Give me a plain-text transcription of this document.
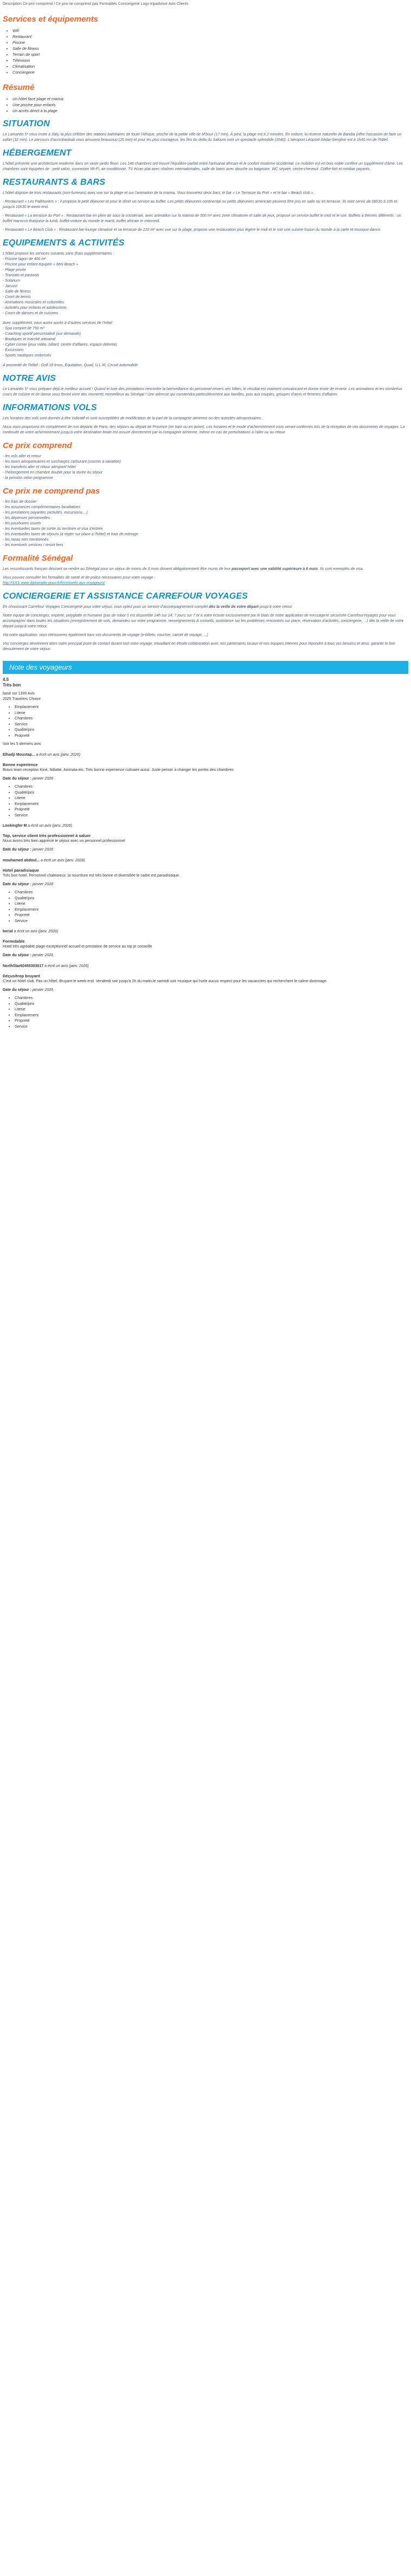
Description Ce prix comprend / Ce prix ne comprend pas Formalités Conciergerie Logo tripadvisor Avis Clients
Services et équipements
• Wifi
• Restaurant
• Piscine
• Salle de fitness
• Terrain de sport
• Télévision
• Climatisation
• Conciergerie
Résumé
• Un hôtel face plage et marina
• Une piscine pour enfants
• Un accès direct à la plage
SITUATION

Le Lamantin 5* vous invite à Saly, la plus célèbre des stations balnéaires de toute l'Afrique, proche de la petite ville de M'bour (17 min). À pied, la plage est à 2 minutes. En voiture, la réserve naturelle de Bandia (offre l'occasion de faire un safari (32 min). Le parcours d'accrobaobab vous amusera beaucoup (26 min) et pour les plus courageux, les îles du delta du Saloum sont un spectacle splendide (1h40). L'aéroport Léopold-Sédar-Senghor est à 1h40 mn de l'hôtel.

HÉBERGEMENT

L'hôtel présente une architecture moderne dans un vaste jardin fleuri. Les 146 chambres ont trouvé l'équilibre parfait entre l'artisanat africain et le confort moderne occidental. Le mobilier est en bois noble confère un supplément d'âme. Les chambres sont équipées de : petit salon, connexion Wi-Fi, air conditionné, TV écran plat avec chaînes internationales, salle de bains avec douche ou baignoire, WC séparé, sèche-cheveux. Coffre-fort et minibar payants.

RESTAURANTS & BARS

L'hôtel dispose de trois restaurants (non-fumeurs) avec vue sur la plage et sur l'animation de la marina. Vous trouverez deux bars, le bar « Le Terrasse du Port » et le bar « Beach club ».

- Restaurant « Les Palétuviers » : il propose le petit déjeuner et pour le dîner un service au buffet. Les petits déjeuners continental ou petits déjeuners américain peuvent être pris en salle ou en terrasse. Ils sont servis de 06h30 à 10h et jusqu'à 10h30 le week-end.

- Restaurant « La terrasse du Port » : Restaurant-bar en plein air sous la cocoteraie, avec animation sur la marina de 300 m² avec zone climatisée et salle de jeux, propose un service buffet le midi et le soir. Buffets à thèmes différents : un buffet marocco-thaïquise la lundi, buffet-voiture du monde le mardi, buffet africain le mercredi.

- Restaurant « Le Beach Club » : Restaurant bar-lounge climatisé et sa terrasse de 220 m² avec vue sur la plage, propose une restauration plus légère le midi et le soir une cuisine fusion du monde à la carte et musique dance.

EQUIPEMENTS & ACTIVITÉS
L'hôtel propose les services suivants sans (frais supplémentaires :
- Piscine lagon de 400 m²
- Piscine pour enfant équipée « Mini Beach »
- Plage privée
- Transats et parasols
- Solarium
- Jacuzzi
- Salle de fitness
- Court de tennis
- Animations musicales et culturelles
- Activités pour enfants et adolescents
- Cours de danses et de cuisines
Avec supplément, vous aurez accès à d'autres services de l'hôtel :
- Spa complet de 750 m²
- Coaching sportif personnalisé (sur demande)
- Boutiques et marché artisanal
- Cyber corner (jeux vidéo, billard, centre d'affaires, espace détente)
- Excursions
- Sports nautiques motorisés

À proximité de l'hôtel : Golf 18 trous, Équitation, Quad, U.L.M, Circuit automobile

NOTRE AVIS

Le Lamantin 5* vous prépare déjà le meilleur accueil ! Quand le luxe des prestations rencontre la bienveillance du personnel envers ses hôtes, le résultat est vraiment convaincant et donne envie de revenir. Les animations et les nombreux cours de cuisine et de danse vous feront vivre des moments merveilleux au Sénégal ! Une adresse qui conviendra particulièrement aux familles, puis aux couples, groupes d'amis et femmes d'affaires.

INFORMATIONS VOLS

Les horaires des vols sont donnés à titre indicatif et sont susceptibles de modification de la part de la compagnie aérienne ou des autorités aéroportuaires.

Nous vous proposons en complément de nos départs de Paris, des séjours au départ de Province (en train ou en avion). Les horaires et le mode d'acheminement vous seront confirmés lors de la réception de vos documents de voyages. La continuité de votre acheminement jusqu'à votre destination finale est assuré directement par la compagnie aérienne, même en cas de perturbations à l'aller ou au retour.

Ce prix comprend
- les vols aller et retour
- les taxes aéroportuaires et surcharges carburant (soumis à variation)
- les transferts aller et retour aéroport/ hôtel
- l'hébergement en chambre double pour la durée du séjour
- la pension selon programme
Ce prix ne comprend pas
- les frais de dossier
- les assurances complémentaires facultatives
- les prestations payantes (activités, excursions,...)
- les dépenses personnelles
- les pourboires usuels
- les éventuelles taxes de sortie du territoire et visa d'entrée
- les éventuelles taxes de séjours (à régler sur place à l'hôtel) et frais de ménage
- les repas non mentionnés
- les éventuels services / resort fees
Formalité Sénégal

Les ressortissants français désirant se rendre au Sénégal pour un séjour de moins de 3 mois doivent obligatoirement être munis de leur passeport avec une validité supérieure à 6 mois. Ils sont exemptés de visa.

Vous pouvez consulter les formalités de santé et de police nécessaires pour votre voyage :
http://XXX.www.diplomatie.gouv.fr/fr/conseils-aux-voyageurs/

CONCIERGERIE ET ASSISTANCE CARREFOUR VOYAGES

En choisissant Carrefour Voyages Conciergerie pour votre séjour, vous optez pour un service d'accompagnement complet dès la veille de votre départ jusqu'à votre retour.

Notre équipe de concierges, experte, polyglotte et humaine (pas de robot !) est disponible 24h sur 24, 7 jours sur 7 et à votre écoute exclusivement par le biais de notre application de messagerie sécurisée CarrefourVoyages pour vous accompagner dans toutes les situations (enregistrement de vols, demandes sur votre programme, renseignements & conseils, assistance sur les problèmes rencontrés sur place, réservation d'activités, conciergerie, ...) dès la veille de votre départ jusqu'à votre retour.

Via notre application, vous retrouverez également tous vos documents de voyage (e-billets, voucher, carnet de voyage, ...)

Vos concierges deviennent alors votre principal point de contact durant tout votre voyage, travaillant en étroite collaboration avec nos partenaires locaux et nos équipes internes pour répondre à tous vos besoins et ainsi, garantir le bon déroulement de votre séjour.

Note des voyageurs
4.5
Très bon
basé sur 1300 Avis
2025 Travelers Choice
• Emplacement
• Literie
• Chambres
• Service
• Qualité/prix
• Propreté
Voir les 5 derniers avis
Elhadji Moustap... a écrit un avis (janv. 2026)
Bonne experience
Bravo team reception Kiné, Ndiatte, Aminata etc. Très bonne experience culinaire aussi. Juste penser à changer les portes des chambres.
Date du séjour : janvier 2026
• Chambres
• Qualité/prix
• Literie
• Emplacement
• Propreté
• Service
Lookingfor M a écrit un avis (janv. 2026)
Top, service client très professionnel à saluer
Nous avons très bien apprécié le séjour avec un personnel professionnel
Date du séjour : janvier 2026
mouhamed abdoul... a écrit un avis (janv. 2026)
Hotel paradisiaque
Très bon hotel. Personnel chaleureux ,la nourriture est très bonne et diversifiée le cadre est paradisiaque.
Date du séjour : janvier 2026
• Chambres
• Qualité/prix
• Literie
• Emplacement
• Propreté
• Service
berial a écrit un avis (janv. 2026)
Formidable
Hotel très agréable plage exceptionnel accueil et prestation de service au top je conseille
Date du séjour : janvier 2026
NorthStar60455303017 a écrit un avis (janv. 2026)
Déçus/trop bruyant
C'est un hôtel club. Pas un hôtel. Bruyant le week-end. Vendredi soir jusqu'à 2h du matin,le samedi soir musique qui hurle aucun respect pour les vacanciers qui recherchent le calme dommage.
Date du séjour : janvier 2026
• Chambres
• Qualité/prix
• Literie
• Emplacement
• Propreté
• Service
